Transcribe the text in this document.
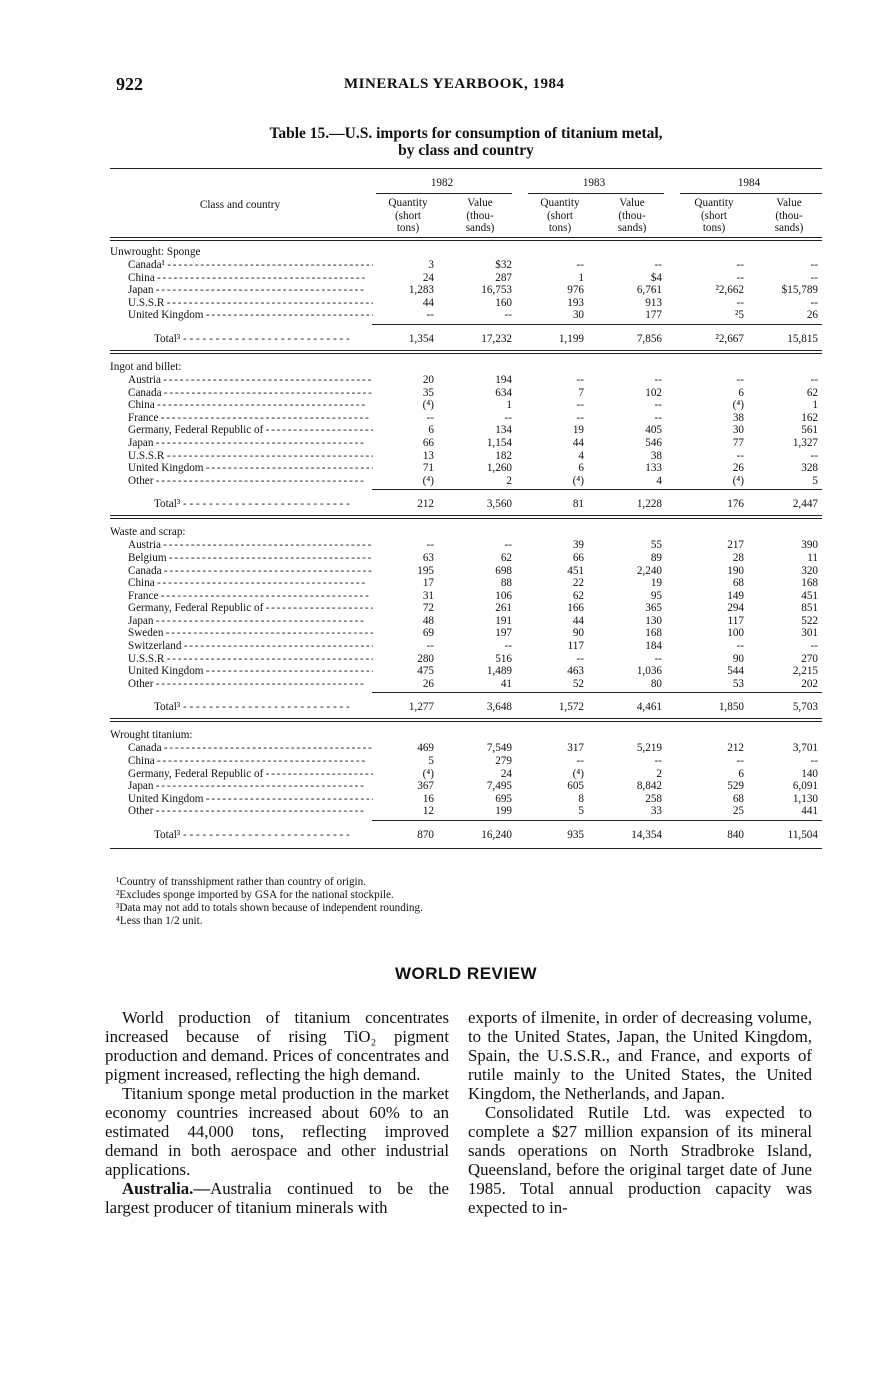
922	MINERALS YEARBOOK, 1984
Table 15.—U.S. imports for consumption of titanium metal,
by class and country
Class and country
1982	1983	1984
Quantity
(short
tons)
Value
(thou-
sands)
Quantity
(short
tons)
Value
(thou-
sands)
Quantity
(short
tons)
Value
(thou-
sands)
Unwrought: Sponge
Canada¹ - - -	3	$32	--	--	--	--
China - - -	24	287	1	$4	--	--
Japan - - -	1,283	16,753	976	6,761	²2,662	$15,789
U.S.S.R - - -	44	160	193	913	--	--
United Kingdom - - -	--	--	30	177	²5	26
Total³ - - -	1,354	17,232	1,199	7,856	²2,667	15,815
Ingot and billet:
Austria - - -	20	194	--	--	--	--
Canada - - -	35	634	7	102	6	62
China - - -	(⁴)	1	--	--	(⁴)	1
France - - -	--	--	--	--	38	162
Germany, Federal Republic of - - -	6	134	19	405	30	561
Japan - - -	66	1,154	44	546	77	1,327
U.S.S.R - - -	13	182	4	38	--	--
United Kingdom - - -	71	1,260	6	133	26	328
Other - - -	(⁴)	2	(⁴)	4	(⁴)	5
Total³ - - -	212	3,560	81	1,228	176	2,447
Waste and scrap:
Austria - - -	--	--	39	55	217	390
Belgium - - -	63	62	66	89	28	11
Canada - - -	195	698	451	2,240	190	320
China - - -	17	88	22	19	68	168
France - - -	31	106	62	95	149	451
Germany, Federal Republic of - - -	72	261	166	365	294	851
Japan - - -	48	191	44	130	117	522
Sweden - - -	69	197	90	168	100	301
Switzerland - - -	--	--	117	184	--	--
U.S.S.R - - -	280	516	--	--	90	270
United Kingdom - - -	475	1,489	463	1,036	544	2,215
Other - - -	26	41	52	80	53	202
Total³ - - -	1,277	3,648	1,572	4,461	1,850	5,703
Wrought titanium:
Canada - - -	469	7,549	317	5,219	212	3,701
China - - -	5	279	--	--	--	--
Germany, Federal Republic of - - -	(⁴)	24	(⁴)	2	6	140
Japan - - -	367	7,495	605	8,842	529	6,091
United Kingdom - - -	16	695	8	258	68	1,130
Other - - -	12	199	5	33	25	441
Total³ - - -	870	16,240	935	14,354	840	11,504
¹Country of transshipment rather than country of origin.
²Excludes sponge imported by GSA for the national stockpile.
³Data may not add to totals shown because of independent rounding.
⁴Less than 1/2 unit.
WORLD REVIEW

World production of titanium concentrates increased because of rising TiO₂ pigment production and demand. Prices of concentrates and pigment increased, reflecting the high demand.

Titanium sponge metal production in the market economy countries increased about 60% to an estimated 44,000 tons, reflecting improved demand in both aerospace and other industrial applications.

Australia.—Australia continued to be the largest producer of titanium minerals with

exports of ilmenite, in order of decreasing volume, to the United States, Japan, the United Kingdom, Spain, the U.S.S.R., and France, and exports of rutile mainly to the United States, the United Kingdom, the Netherlands, and Japan.

Consolidated Rutile Ltd. was expected to complete a $27 million expansion of its mineral sands operations on North Stradbroke Island, Queensland, before the original target date of June 1985. Total annual production capacity was expected to in-
